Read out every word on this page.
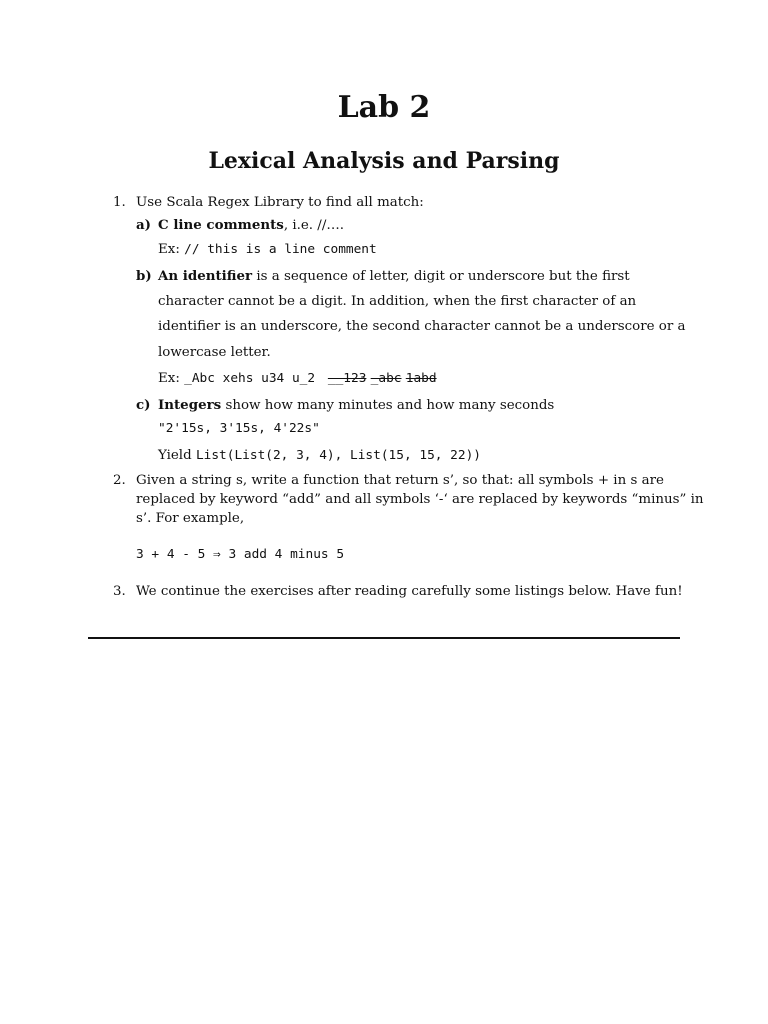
Lab 2
Lexical Analysis and Parsing
1. Use Scala Regex Library to find all match:
a) C line comments, i.e. //….
Ex: // this is a line comment
b) An identifier is a sequence of letter, digit or underscore but the first
character cannot be a digit. In addition, when the first character of an
identifier is an underscore, the second character cannot be a underscore or a
lowercase letter.
Ex: _Abc xehs u34 u_2 __123 _abc 1abd
c) Integers show how many minutes and how many seconds
"2'15s, 3'15s, 4'22s"
Yield List(List(2, 3, 4), List(15, 15, 22))
2. Given a string s, write a function that return s’, so that: all symbols + in s are
replaced by keyword “add” and all symbols ‘-‘ are replaced by keywords “minus” in
s’. For example,
3 + 4 - 5 ⇒ 3 add 4 minus 5
3. We continue the exercises after reading carefully some listings below. Have fun!
